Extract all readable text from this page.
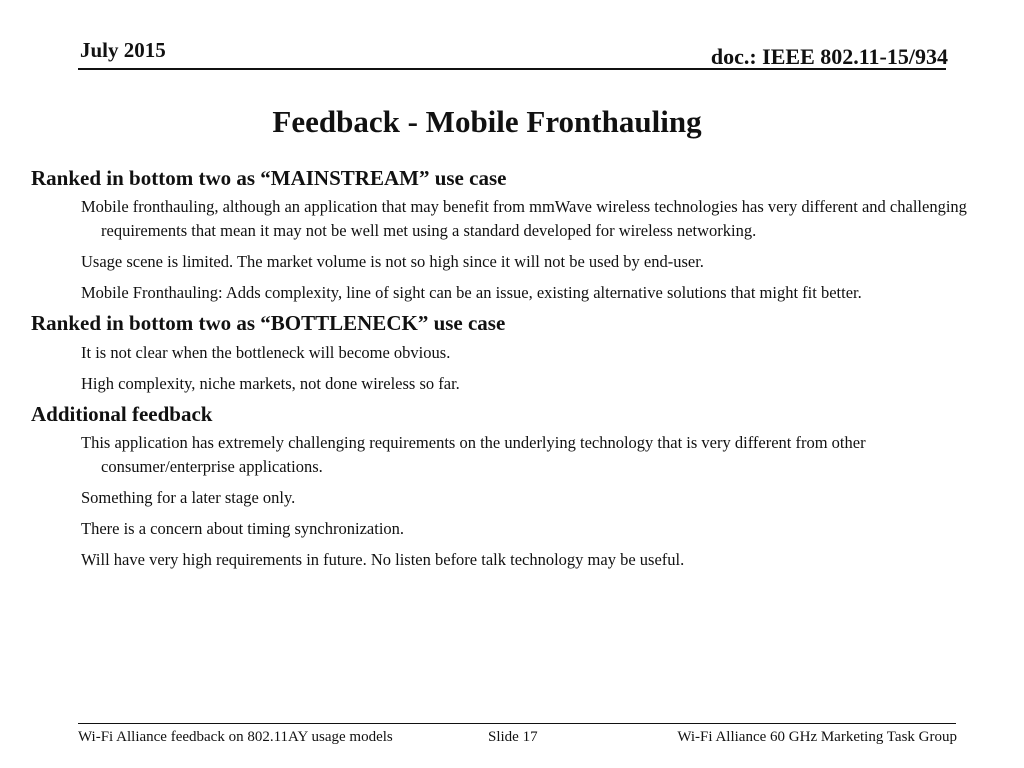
July 2015	doc.: IEEE 802.11-15/934
Feedback - Mobile Fronthauling
Ranked in bottom two as “MAINSTREAM” use case
Mobile fronthauling, although an application that may benefit from mmWave wireless technologies has very different and challenging requirements that mean it may not be well met using a standard developed for wireless networking.
Usage scene is limited. The market volume is not so high since it will not be used by end-user.
Mobile Fronthauling: Adds complexity, line of sight can be an issue, existing alternative solutions that might fit better.
Ranked in bottom two as “BOTTLENECK” use case
It is not clear when the bottleneck will become obvious.
High complexity, niche markets, not done wireless so far.
Additional feedback
This application has extremely challenging requirements on the underlying technology that is very different from other consumer/enterprise applications.
Something for a later stage only.
There is a concern about timing synchronization.
Will have very high requirements in future. No listen before talk technology may be useful.
Wi-Fi Alliance feedback on 802.11AY usage models	Slide 17	Wi-Fi Alliance 60 GHz Marketing Task Group
